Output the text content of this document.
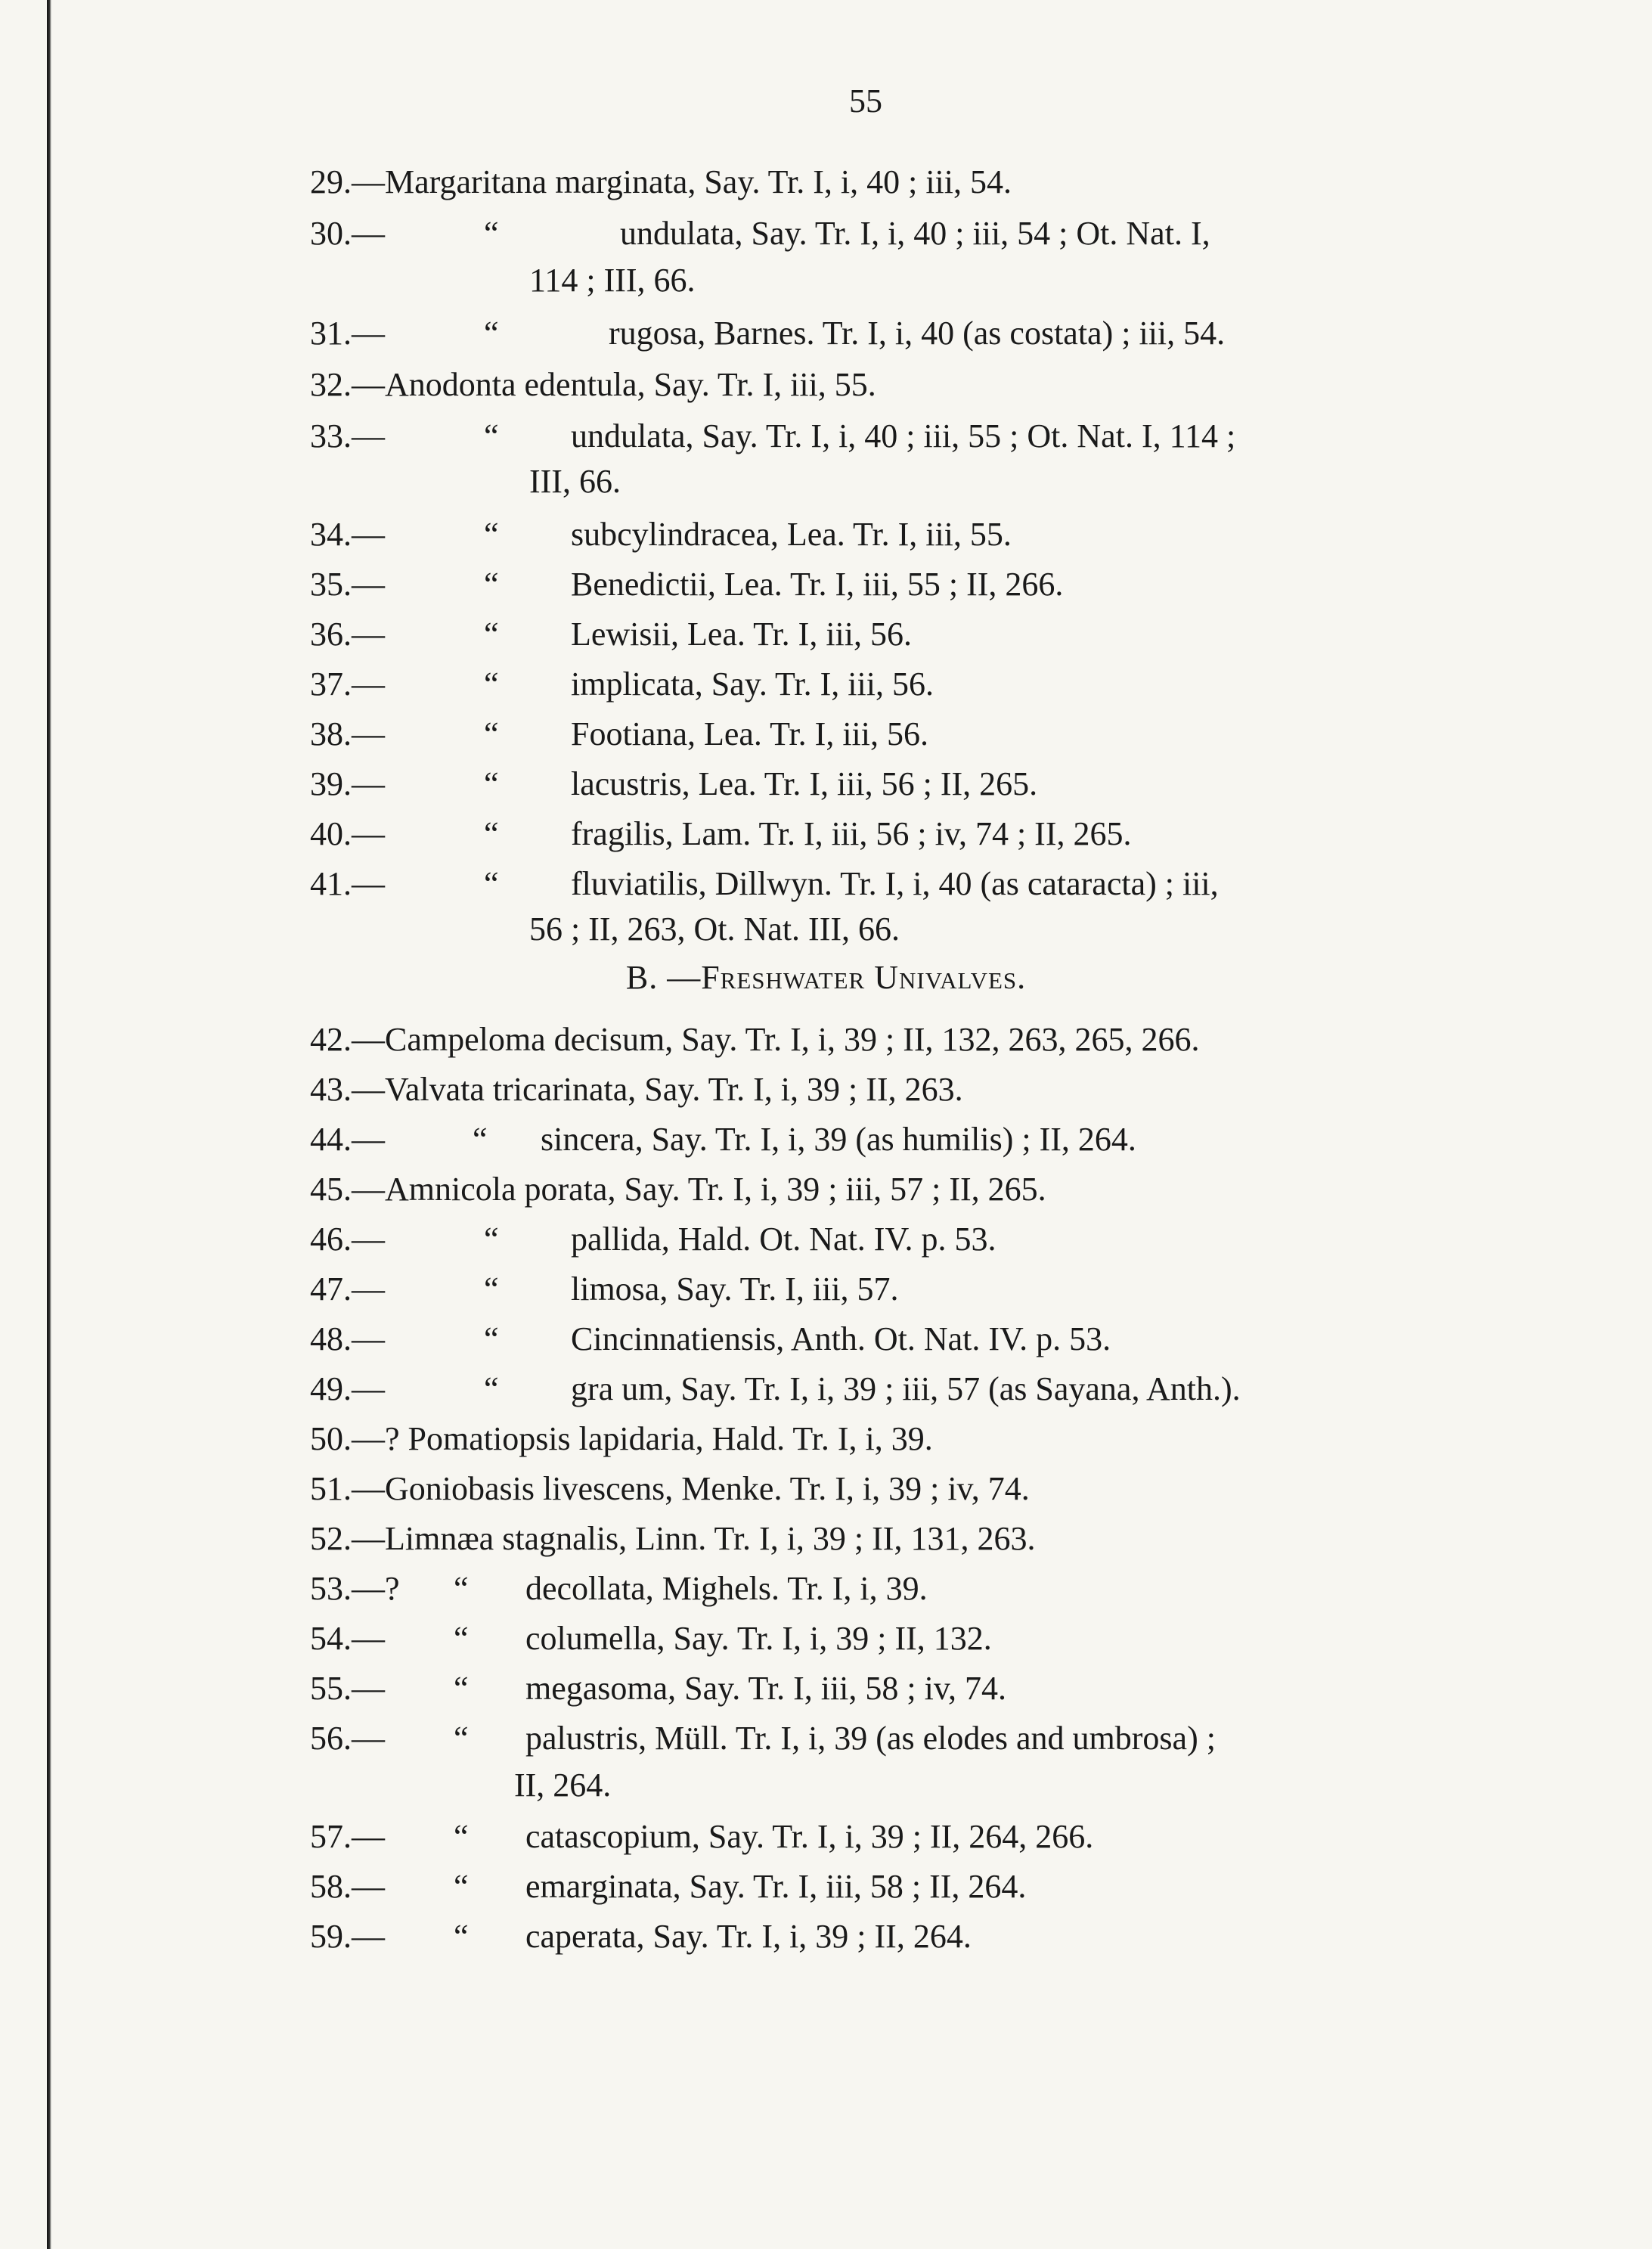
55
29.—Margaritana marginata, Say. Tr. I, i, 40 ; iii, 54.
30.—	“	undulata, Say. Tr. I, i, 40 ; iii, 54 ; Ot. Nat. I,
114 ; III, 66.
31.—	“	rugosa, Barnes. Tr. I, i, 40 (as costata) ; iii, 54.
32.—Anodonta edentula, Say. Tr. I, iii, 55.
33.—	“ undulata, Say. Tr. I, i, 40 ; iii, 55 ; Ot. Nat. I, 114 ;
III, 66.
34.—	“ subcylindracea, Lea. Tr. I, iii, 55.
35.—	“ Benedictii, Lea. Tr. I, iii, 55 ; II, 266.
36.—	“ Lewisii, Lea. Tr. I, iii, 56.
37.—	“ implicata, Say. Tr. I, iii, 56.
38.—	“ Footiana, Lea. Tr. I, iii, 56.
39.—	“ lacustris, Lea. Tr. I, iii, 56 ; II, 265.
40.—	“ fragilis, Lam. Tr. I, iii, 56 ; iv, 74 ; II, 265.
41.—	“ fluviatilis, Dillwyn. Tr. I, i, 40 (as cataracta) ; iii,
56 ; II, 263, Ot. Nat. III, 66.
B. —Freshwater Univalves.
42.—Campeloma decisum, Say. Tr. I, i, 39 ; II, 132, 263, 265, 266.
43.—Valvata tricarinata, Say. Tr. I, i, 39 ; II, 263.
44.—	“ sincera, Say. Tr. I, i, 39 (as humilis) ; II, 264.
45.—Amnicola porata, Say. Tr. I, i, 39 ; iii, 57 ; II, 265.
46.—	“ pallida, Hald. Ot. Nat. IV. p. 53.
47.—	“ limosa, Say. Tr. I, iii, 57.
48.—	“ Cincinnatiensis, Anth. Ot. Nat. IV. p. 53.
49.—	“ gra um, Say. Tr. I, i, 39 ; iii, 57 (as Sayana, Anth.).
50.—? Pomatiopsis lapidaria, Hald. Tr. I, i, 39.
51.—Goniobasis livescens, Menke. Tr. I, i, 39 ; iv, 74.
52.—Limnæa stagnalis, Linn. Tr. I, i, 39 ; II, 131, 263.
53.—? “ decollata, Mighels. Tr. I, i, 39.
54.— “ columella, Say. Tr. I, i, 39 ; II, 132.
55.— “ megasoma, Say. Tr. I, iii, 58 ; iv, 74.
56.— “ palustris, Müll. Tr. I, i, 39 (as elodes and umbrosa) ;
II, 264.
57.— “ catascopium, Say. Tr. I, i, 39 ; II, 264, 266.
58.— “ emarginata, Say. Tr. I, iii, 58 ; II, 264.
59.— “ caperata, Say. Tr. I, i, 39 ; II, 264.
